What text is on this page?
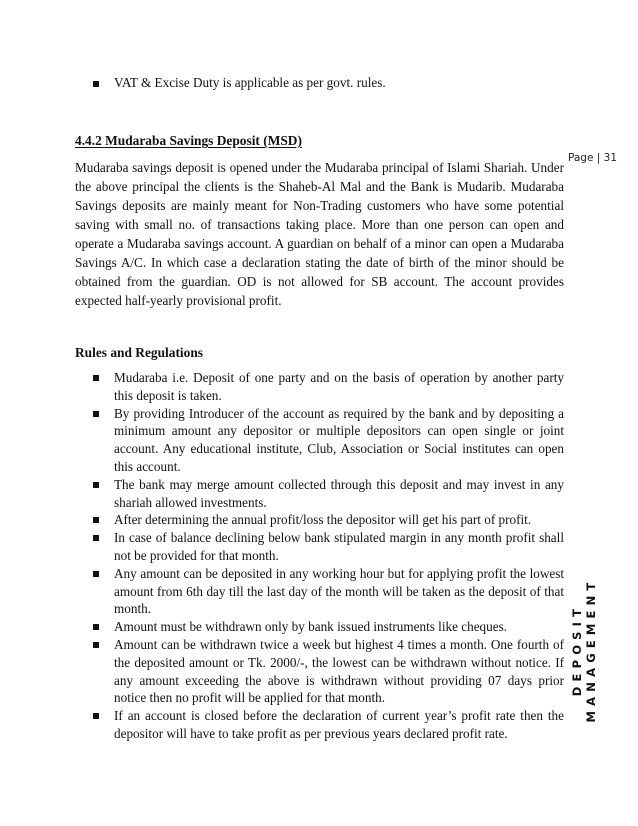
VAT & Excise Duty is applicable as per govt. rules.
4.4.2 Mudaraba Savings Deposit (MSD)
Page | 31
Mudaraba savings deposit is opened under the Mudaraba principal of Islami Shariah. Under the above principal the clients is the Shaheb-Al Mal and the Bank is Mudarib. Mudaraba Savings deposits are mainly meant for Non-Trading customers who have some potential saving with small no. of transactions taking place. More than one person can open and operate a Mudaraba savings account. A guardian on behalf of a minor can open a Mudaraba Savings A/C. In which case a declaration stating the date of birth of the minor should be obtained from the guardian. OD is not allowed for SB account. The account provides expected half-yearly provisional profit.
Rules and Regulations
Mudaraba i.e. Deposit of one party and on the basis of operation by another party this deposit is taken.
By providing Introducer of the account as required by the bank and by depositing a minimum amount any depositor or multiple depositors can open single or joint account. Any educational institute, Club, Association or Social institutes can open this account.
The bank may merge amount collected through this deposit and may invest in any shariah allowed investments.
After determining the annual profit/loss the depositor will get his part of profit.
In case of balance declining below bank stipulated margin in any month profit shall not be provided for that month.
Any amount can be deposited in any working hour but for applying profit the lowest amount from 6th day till the last day of the month will be taken as the deposit of that month.
Amount must be withdrawn only by bank issued instruments like cheques.
Amount can be withdrawn twice a week but highest 4 times a month. One fourth of the deposited amount or Tk. 2000/-, the lowest can be withdrawn without notice. If any amount exceeding the above is withdrawn without providing 07 days prior notice then no profit will be applied for that month.
If an account is closed before the declaration of current year’s profit rate then the depositor will have to take profit as per previous years declared profit rate.
DEPOSIT MANAGEMENT
